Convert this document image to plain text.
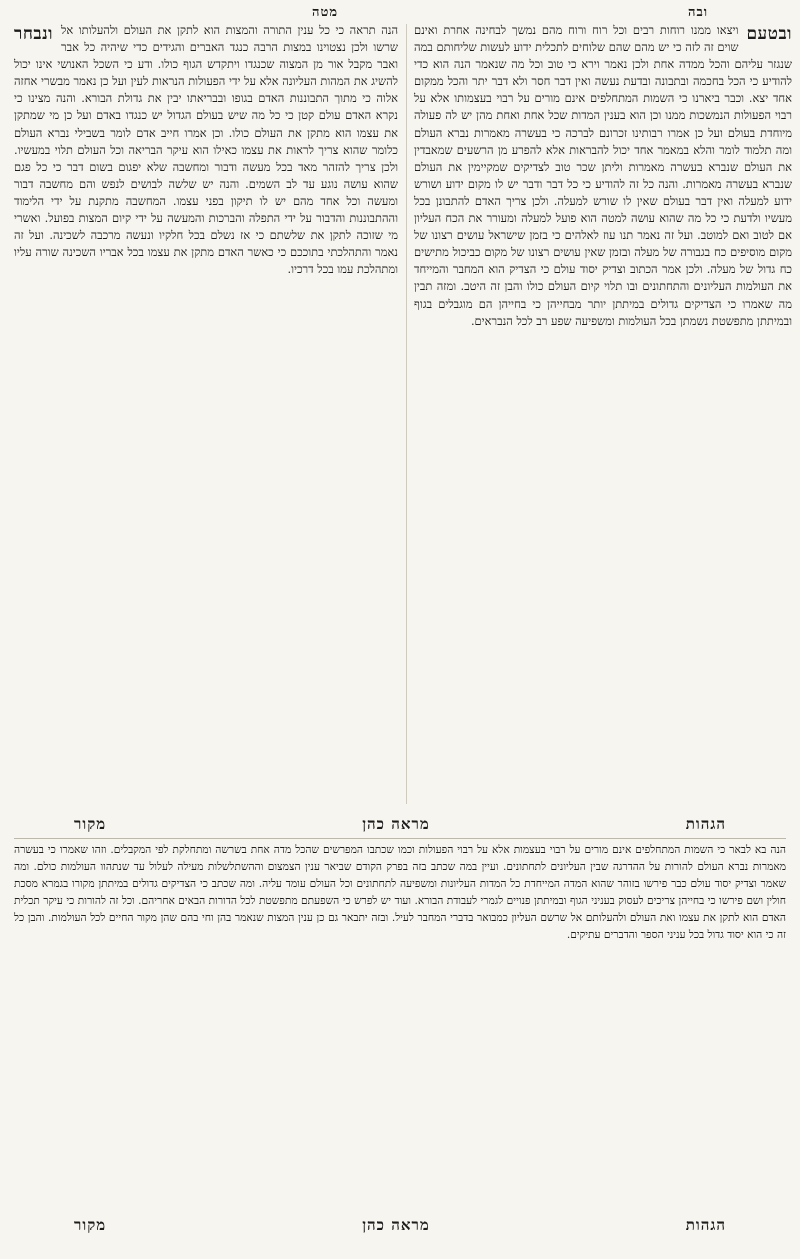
מטה	ובה
ובטעם

ויצאו ממנו רוחות רבים וכל רוח ורוח מהם נמשך לבחינה אחרת ואינם שוים זה לזה כי יש מהם שהם שלוחים לתכלית ידוע לעשות שליחותם במה שנגזר עליהם והכל ממדה אחת ולכן נאמר וירא כי טוב וכל מה שנאמר הנה הוא כדי להודיע כי הכל בחכמה ובתבונה ובדעת נעשה ואין דבר חסר ולא דבר יתר והכל ממקום אחד יצא. וכבר ביארנו כי השמות המתחלפים אינם מורים על רבוי בעצמותו אלא על רבוי הפעולות הנמשכות ממנו וכן הוא בענין המדות שכל אחת ואחת מהן יש לה פעולה מיוחדת בעולם ועל כן אמרו רבותינו זכרונם לברכה כי בעשרה מאמרות נברא העולם ומה תלמוד לומר והלא במאמר אחד יכול להבראות אלא להפרע מן הרשעים שמאבדין את העולם שנברא בעשרה מאמרות וליתן שכר טוב לצדיקים שמקיימין את העולם שנברא בעשרה מאמרות. והנה כל זה להודיע כי כל דבר ודבר יש לו מקום ידוע ושורש ידוע למעלה ואין דבר בעולם שאין לו שורש למעלה. ולכן צריך האדם להתבונן בכל מעשיו ולדעת כי כל מה שהוא עושה למטה הוא פועל למעלה ומעורר את הכח העליון אם לטוב ואם למוטב. ועל זה נאמר תנו עוז לאלהים כי בזמן שישראל עושים רצונו של מקום מוסיפים כח בגבורה של מעלה ובזמן שאין עושים רצונו של מקום כביכול מתישים כח גדול של מעלה. ולכן אמר הכתוב וצדיק יסוד עולם כי הצדיק הוא המחבר והמייחד את העולמות העליונים והתחתונים ובו תלוי קיום העולם כולו והבן זה היטב. ומזה תבין מה שאמרו כי הצדיקים גדולים במיתתן יותר מבחייהן כי בחייהן הם מוגבלים בגוף ובמיתתן מתפשטת נשמתן בכל העולמות ומשפיעה שפע רב לכל הנבראים.

ונבחר הנה תראה כי כל ענין התורה והמצות הוא לתקן את העולם ולהעלותו אל שרשו ולכן נצטוינו במצות הרבה כנגד האברים והגידים כדי שיהיה כל אבר ואבר מקבל אור מן המצוה שכנגדו ויתקדש הגוף כולו. ודע כי השכל האנושי אינו יכול להשיג את המהות העליונה אלא על ידי הפעולות הנראות לעין ועל כן נאמר מבשרי אחזה אלוה כי מתוך התבוננות האדם בגופו ובבריאתו יבין את גדולת הבורא. והנה מצינו כי נקרא האדם עולם קטן כי כל מה שיש בעולם הגדול יש כנגדו באדם ועל כן מי שמתקן את עצמו הוא מתקן את העולם כולו. וכן אמרו חייב אדם לומר בשבילי נברא העולם כלומר שהוא צריך לראות את עצמו כאילו הוא עיקר הבריאה וכל העולם תלוי במעשיו. ולכן צריך להזהר מאד בכל מעשה ודבור ומחשבה שלא יפגום בשום דבר כי כל פגם שהוא עושה נוגע עד לב השמים. והנה יש שלשה לבושים לנפש והם מחשבה דבור ומעשה וכל אחד מהם יש לו תיקון בפני עצמו. המחשבה מתקנת על ידי הלימוד וההתבוננות והדבור על ידי התפלה והברכות והמעשה על ידי קיום המצות בפועל. ואשרי מי שזוכה לתקן את שלשתם כי אז נשלם בכל חלקיו ונעשה מרכבה לשכינה. ועל זה נאמר והתהלכתי בתוככם כי כאשר האדם מתקן את עצמו בכל אבריו השכינה שורה עליו ומתהלכת עמו בכל דרכיו.

מקור	מראה כהן	הגהות

הנה בא לבאר כי השמות המתחלפים אינם מורים על רבוי בעצמות אלא על רבוי הפעולות וכמו שכתבו המפרשים שהכל מדה אחת בשרשה ומתחלקת לפי המקבלים. וזהו שאמרו כי בעשרה מאמרות נברא העולם להורות על ההדרגה שבין העליונים לתחתונים. ועיין במה שכתב בזה בפרק הקודם שביאר ענין הצמצום וההשתלשלות מעילה לעלול עד שנתהוו העולמות כולם. ומה שאמר וצדיק יסוד עולם כבר פירשו בזוהר שהוא המדה המייחדת כל המדות העליונות ומשפיעה לתחתונים וכל העולם עומד עליה. ומה שכתב כי הצדיקים גדולים במיתתן מקורו בגמרא מסכת חולין ושם פירשו כי בחייהן צריכים לעסוק בעניני הגוף ובמיתתן פנויים לגמרי לעבודת הבורא. ועוד יש לפרש כי השפעתם מתפשטת לכל הדורות הבאים אחריהם. וכל זה להורות כי עיקר תכלית האדם הוא לתקן את עצמו ואת העולם ולהעלותם אל שרשם העליון כמבואר בדברי המחבר לעיל. ובזה יתבאר גם כן ענין המצות שנאמר בהן וחי בהם שהן מקור החיים לכל העולמות. והבן כל זה כי הוא יסוד גדול בכל עניני הספר והדברים עתיקים.

מקור	מראה כהן	הגהות
